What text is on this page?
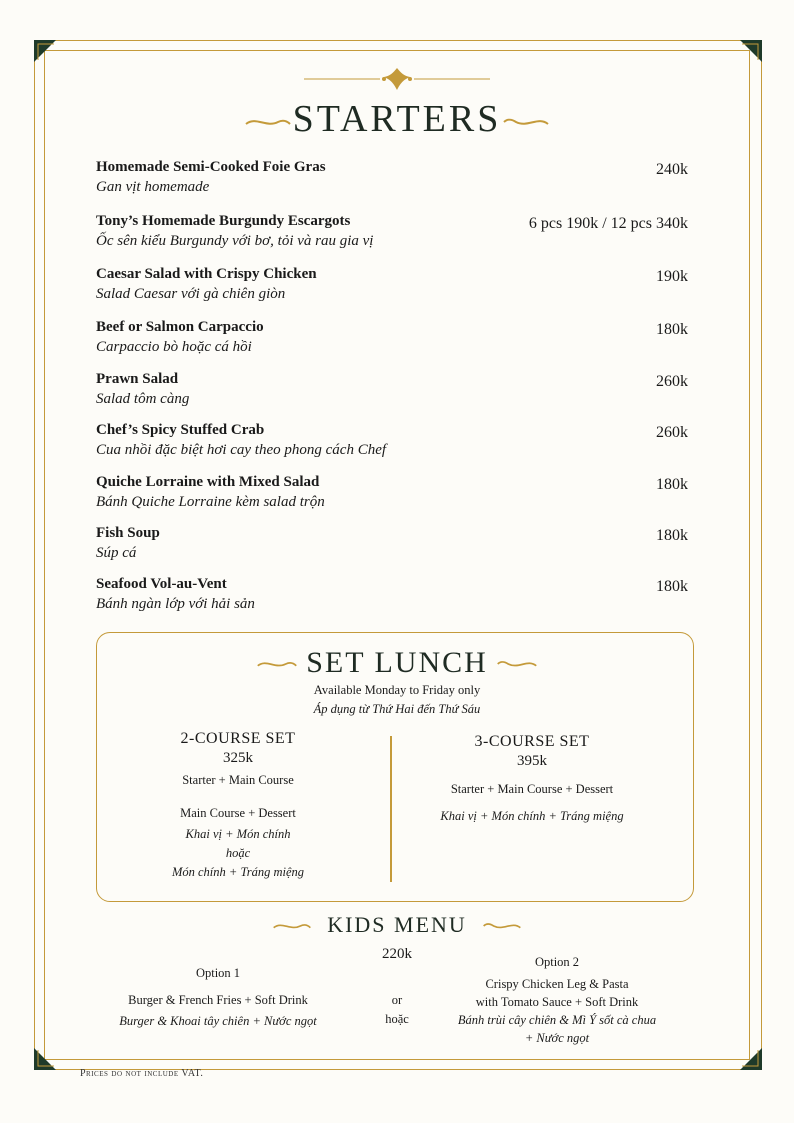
STARTERS
Homemade Semi-Cooked Foie Gras
Gan vịt homemade
240k
Tony’s Homemade Burgundy Escargots
Ốc sên kiểu Burgundy với bơ, tỏi và rau gia vị
6 pcs 190k / 12 pcs 340k
Caesar Salad with Crispy Chicken
Salad Caesar với gà chiên giòn
190k
Beef or Salmon Carpaccio
Carpaccio bò hoặc cá hồi
180k
Prawn Salad
Salad tôm càng
260k
Chef’s Spicy Stuffed Crab
Cua nhồi đặc biệt hơi cay theo phong cách Chef
260k
Quiche Lorraine with Mixed Salad
Bánh Quiche Lorraine kèm salad trộn
180k
Fish Soup
Súp cá
180k
Seafood Vol-au-Vent
Bánh ngàn lớp với hải sản
180k
SET LUNCH
Available Monday to Friday only
Áp dụng từ Thứ Hai đến Thứ Sáu
2-COURSE SET
325k
Starter + Main Course
Main Course + Dessert
Khai vị + Món chính
hoặc
Món chính + Tráng miệng
3-COURSE SET
395k
Starter + Main Course + Dessert
Khai vị + Món chính + Tráng miệng
KIDS MENU
220k
Option 1
Burger & French Fries + Soft Drink
Burger & Khoai tây chiên + Nước ngọt
or
hoặc
Option 2
Crispy Chicken Leg & Pasta
with Tomato Sauce + Soft Drink
Bánh trùi cây chiên & Mì Ý sốt cà chua
+ Nước ngọt
Prices do not include VAT.
